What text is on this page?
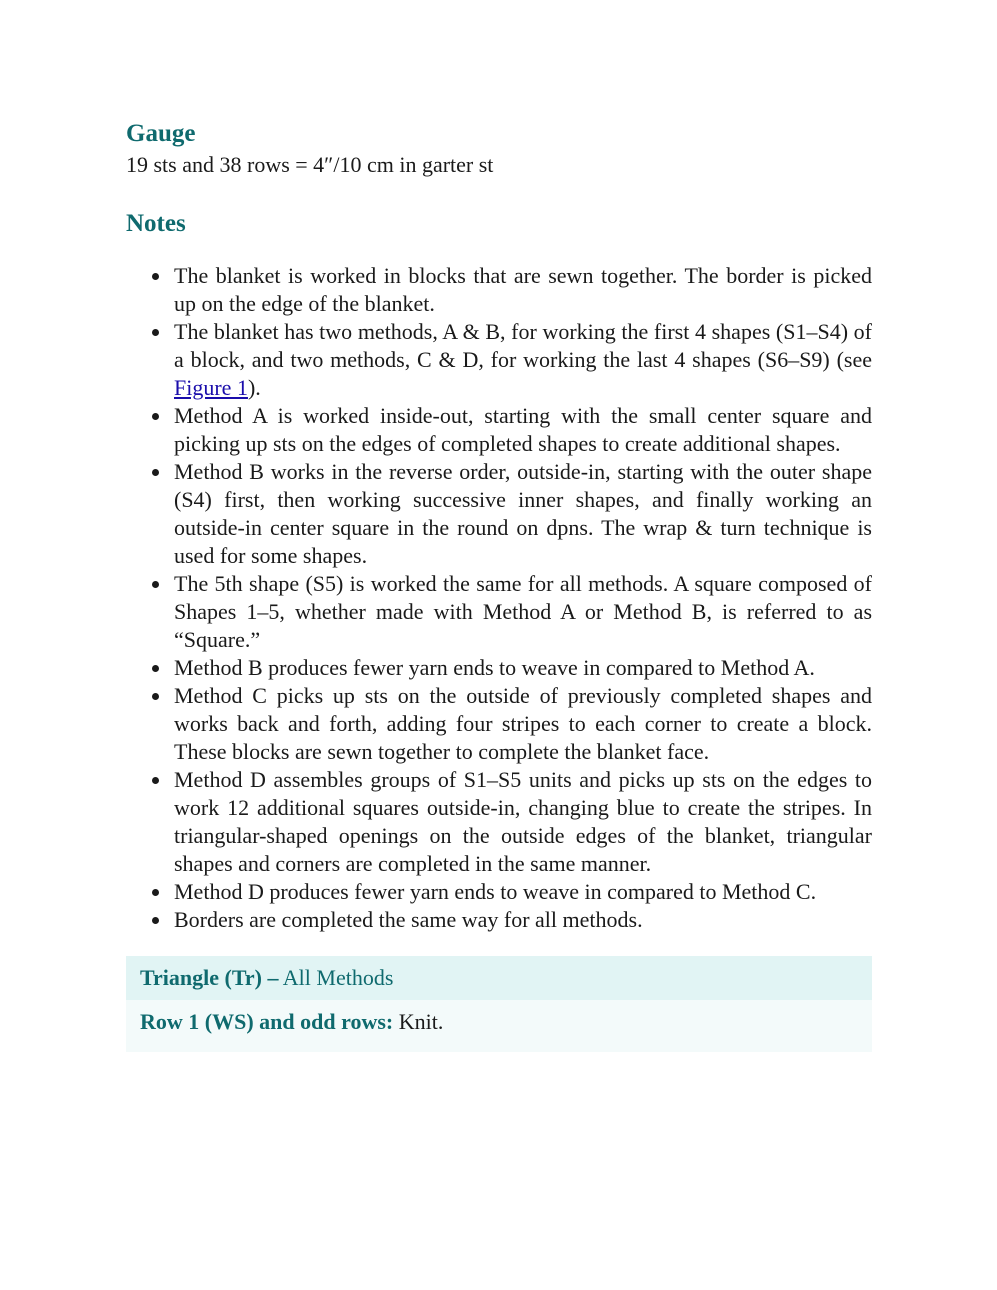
Gauge

19 sts and 38 rows = 4″/10 cm in garter st

Notes
The blanket is worked in blocks that are sewn together. The border is picked up on the edge of the blanket.
The blanket has two methods, A & B, for working the first 4 shapes (S1–S4) of a block, and two methods, C & D, for working the last 4 shapes (S6–S9) (see Figure 1).
Method A is worked inside-out, starting with the small center square and picking up sts on the edges of completed shapes to create additional shapes.
Method B works in the reverse order, outside-in, starting with the outer shape (S4) first, then working successive inner shapes, and finally working an outside-in center square in the round on dpns. The wrap & turn technique is used for some shapes.
The 5th shape (S5) is worked the same for all methods. A square composed of Shapes 1–5, whether made with Method A or Method B, is referred to as “Square.”
Method B produces fewer yarn ends to weave in compared to Method A.
Method C picks up sts on the outside of previously completed shapes and works back and forth, adding four stripes to each corner to create a block. These blocks are sewn together to complete the blanket face.
Method D assembles groups of S1–S5 units and picks up sts on the edges to work 12 additional squares outside-in, changing blue to create the stripes. In triangular-shaped openings on the outside edges of the blanket, triangular shapes and corners are completed in the same manner.
Method D produces fewer yarn ends to weave in compared to Method C.
Borders are completed the same way for all methods.
Triangle (Tr) – All Methods
Row 1 (WS) and odd rows: Knit.
